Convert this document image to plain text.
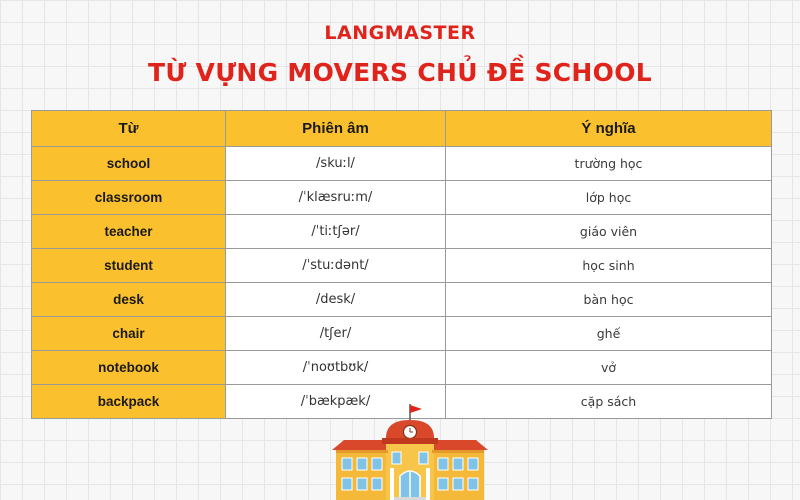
LANGMASTER
TỪ VỰNG MOVERS CHỦ ĐỀ SCHOOL
Từ	Phiên âm	Ý nghĩa
school	/skuːl/	trường học
classroom	/ˈklæsruːm/	lớp học
teacher	/ˈtiːtʃər/	giáo viên
student	/ˈstuːdənt/	học sinh
desk	/desk/	bàn học
chair	/tʃer/	ghế
notebook	/ˈnoʊtbʊk/	vở
backpack	/ˈbækpæk/	cặp sách
